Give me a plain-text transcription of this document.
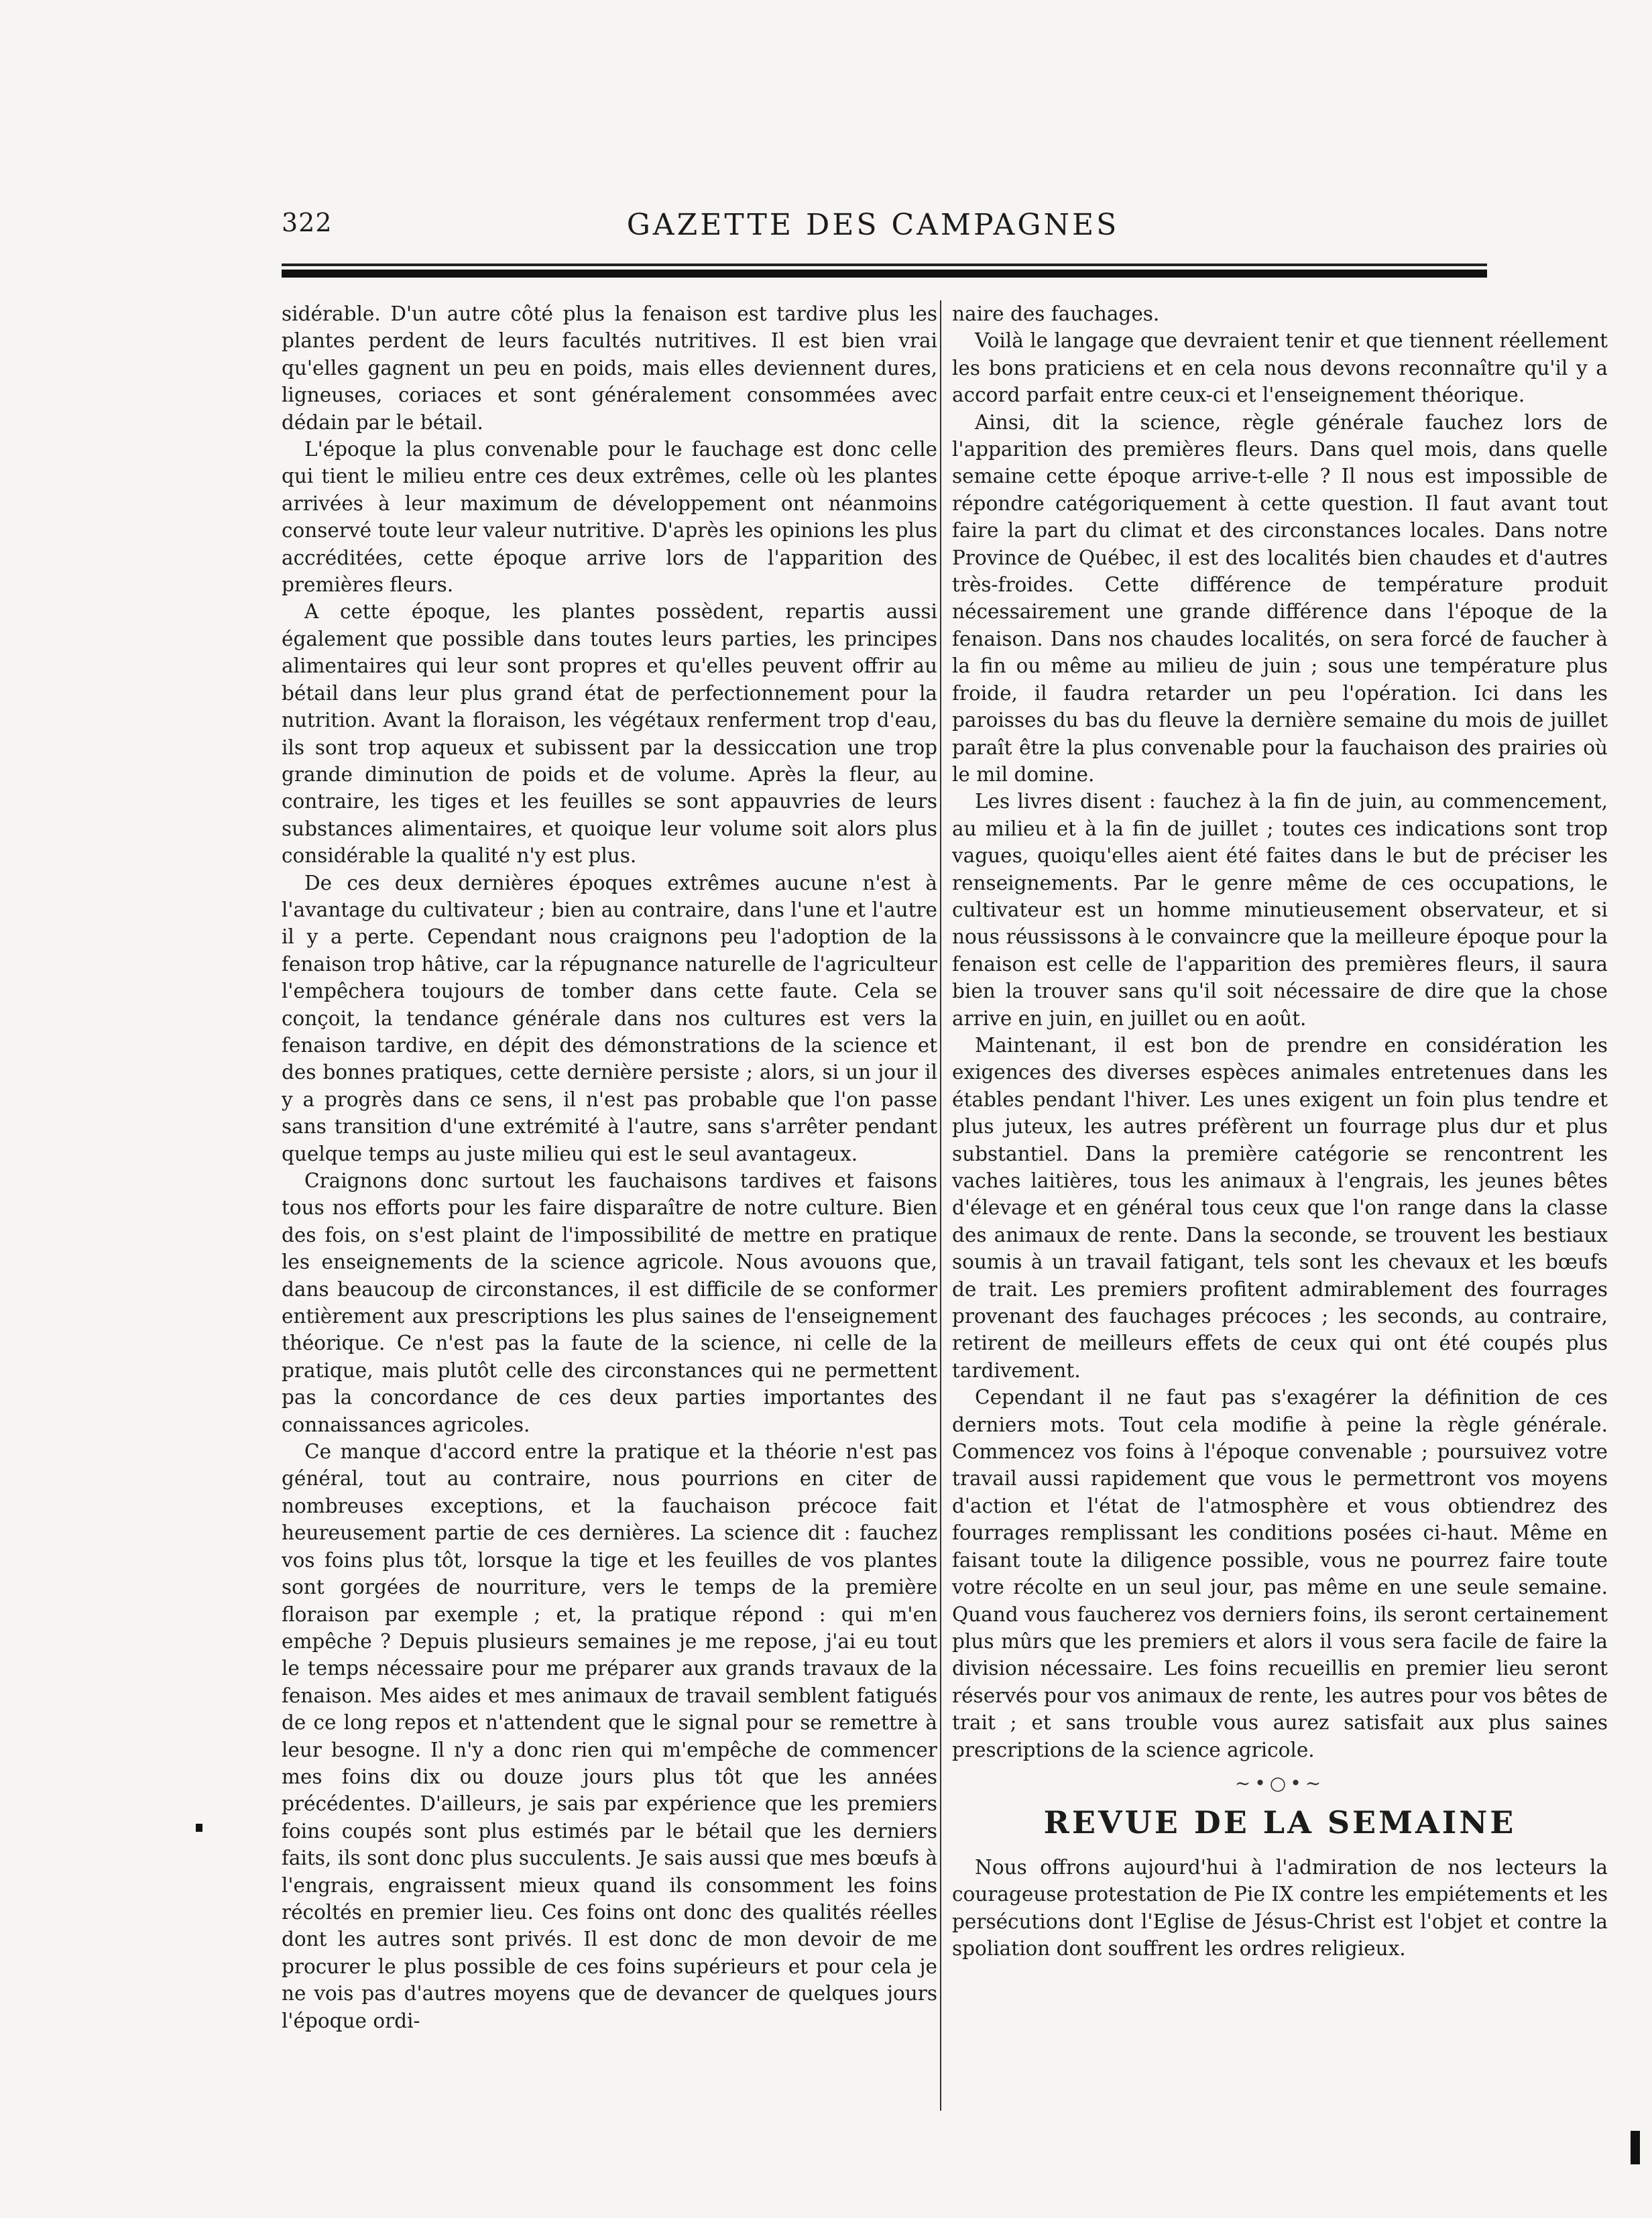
322	GAZETTE DES CAMPAGNES

sidérable. D'un autre côté plus la fenaison est tardive plus les plantes perdent de leurs facultés nutritives. Il est bien vrai qu'elles gagnent un peu en poids, mais elles deviennent dures, ligneuses, coriaces et sont généralement consommées avec dédain par le bétail.

L'époque la plus convenable pour le fauchage est donc celle qui tient le milieu entre ces deux extrêmes, celle où les plantes arrivées à leur maximum de développement ont néanmoins conservé toute leur valeur nutritive. D'après les opinions les plus accréditées, cette époque arrive lors de l'apparition des premières fleurs.

A cette époque, les plantes possèdent, repartis aussi également que possible dans toutes leurs parties, les principes alimentaires qui leur sont propres et qu'elles peuvent offrir au bétail dans leur plus grand état de perfectionnement pour la nutrition. Avant la floraison, les végétaux renferment trop d'eau, ils sont trop aqueux et subissent par la dessiccation une trop grande diminution de poids et de volume. Après la fleur, au contraire, les tiges et les feuilles se sont appauvries de leurs substances alimentaires, et quoique leur volume soit alors plus considérable la qualité n'y est plus.

De ces deux dernières époques extrêmes aucune n'est à l'avantage du cultivateur ; bien au contraire, dans l'une et l'autre il y a perte. Cependant nous craignons peu l'adoption de la fenaison trop hâtive, car la répugnance naturelle de l'agriculteur l'empêchera toujours de tomber dans cette faute. Cela se conçoit, la tendance générale dans nos cultures est vers la fenaison tardive, en dépit des démonstrations de la science et des bonnes pratiques, cette dernière persiste ; alors, si un jour il y a progrès dans ce sens, il n'est pas probable que l'on passe sans transition d'une extrémité à l'autre, sans s'arrêter pendant quelque temps au juste milieu qui est le seul avantageux.

Craignons donc surtout les fauchaisons tardives et faisons tous nos efforts pour les faire disparaître de notre culture. Bien des fois, on s'est plaint de l'impossibilité de mettre en pratique les enseignements de la science agricole. Nous avouons que, dans beaucoup de circonstances, il est difficile de se conformer entièrement aux prescriptions les plus saines de l'enseignement théorique. Ce n'est pas la faute de la science, ni celle de la pratique, mais plutôt celle des circonstances qui ne permettent pas la concordance de ces deux parties importantes des connaissances agricoles.

Ce manque d'accord entre la pratique et la théorie n'est pas général, tout au contraire, nous pourrions en citer de nombreuses exceptions, et la fauchaison précoce fait heureusement partie de ces dernières. La science dit : fauchez vos foins plus tôt, lorsque la tige et les feuilles de vos plantes sont gorgées de nourriture, vers le temps de la première floraison par exemple ; et, la pratique répond : qui m'en empêche ? Depuis plusieurs semaines je me repose, j'ai eu tout le temps nécessaire pour me préparer aux grands travaux de la fenaison. Mes aides et mes animaux de travail semblent fatigués de ce long repos et n'attendent que le signal pour se remettre à leur besogne. Il n'y a donc rien qui m'empêche de commencer mes foins dix ou douze jours plus tôt que les années précédentes. D'ailleurs, je sais par expérience que les premiers foins coupés sont plus estimés par le bétail que les derniers faits, ils sont donc plus succulents. Je sais aussi que mes bœufs à l'engrais, engraissent mieux quand ils consomment les foins récoltés en premier lieu. Ces foins ont donc des qualités réelles dont les autres sont privés. Il est donc de mon devoir de me procurer le plus possible de ces foins supérieurs et pour cela je ne vois pas d'autres moyens que de devancer de quelques jours l'époque ordi-

naire des fauchages.

Voilà le langage que devraient tenir et que tiennent réellement les bons praticiens et en cela nous devons reconnaître qu'il y a accord parfait entre ceux-ci et l'enseignement théorique.

Ainsi, dit la science, règle générale fauchez lors de l'apparition des premières fleurs. Dans quel mois, dans quelle semaine cette époque arrive-t-elle ? Il nous est impossible de répondre catégoriquement à cette question. Il faut avant tout faire la part du climat et des circonstances locales. Dans notre Province de Québec, il est des localités bien chaudes et d'autres très-froides. Cette différence de température produit nécessairement une grande différence dans l'époque de la fenaison. Dans nos chaudes localités, on sera forcé de faucher à la fin ou même au milieu de juin ; sous une température plus froide, il faudra retarder un peu l'opération. Ici dans les paroisses du bas du fleuve la dernière semaine du mois de juillet paraît être la plus convenable pour la fauchaison des prairies où le mil domine.

Les livres disent : fauchez à la fin de juin, au commencement, au milieu et à la fin de juillet ; toutes ces indications sont trop vagues, quoiqu'elles aient été faites dans le but de préciser les renseignements. Par le genre même de ces occupations, le cultivateur est un homme minutieusement observateur, et si nous réussissons à le convaincre que la meilleure époque pour la fenaison est celle de l'apparition des premières fleurs, il saura bien la trouver sans qu'il soit nécessaire de dire que la chose arrive en juin, en juillet ou en août.

Maintenant, il est bon de prendre en considération les exigences des diverses espèces animales entretenues dans les étables pendant l'hiver. Les unes exigent un foin plus tendre et plus juteux, les autres préfèrent un fourrage plus dur et plus substantiel. Dans la première catégorie se rencontrent les vaches laitières, tous les animaux à l'engrais, les jeunes bêtes d'élevage et en général tous ceux que l'on range dans la classe des animaux de rente. Dans la seconde, se trouvent les bestiaux soumis à un travail fatigant, tels sont les chevaux et les bœufs de trait. Les premiers profitent admirablement des fourrages provenant des fauchages précoces ; les seconds, au contraire, retirent de meilleurs effets de ceux qui ont été coupés plus tardivement.

Cependant il ne faut pas s'exagérer la définition de ces derniers mots. Tout cela modifie à peine la règle générale. Commencez vos foins à l'époque convenable ; poursuivez votre travail aussi rapidement que vous le permettront vos moyens d'action et l'état de l'atmosphère et vous obtiendrez des fourrages remplissant les conditions posées ci-haut. Même en faisant toute la diligence possible, vous ne pourrez faire toute votre récolte en un seul jour, pas même en une seule semaine. Quand vous faucherez vos derniers foins, ils seront certainement plus mûrs que les premiers et alors il vous sera facile de faire la division nécessaire. Les foins recueillis en premier lieu seront réservés pour vos animaux de rente, les autres pour vos bêtes de trait ; et sans trouble vous aurez satisfait aux plus saines prescriptions de la science agricole.

~•○•~
REVUE DE LA SEMAINE

Nous offrons aujourd'hui à l'admiration de nos lecteurs la courageuse protestation de Pie IX contre les empiétements et les persécutions dont l'Eglise de Jésus-Christ est l'objet et contre la spoliation dont souffrent les ordres religieux.
